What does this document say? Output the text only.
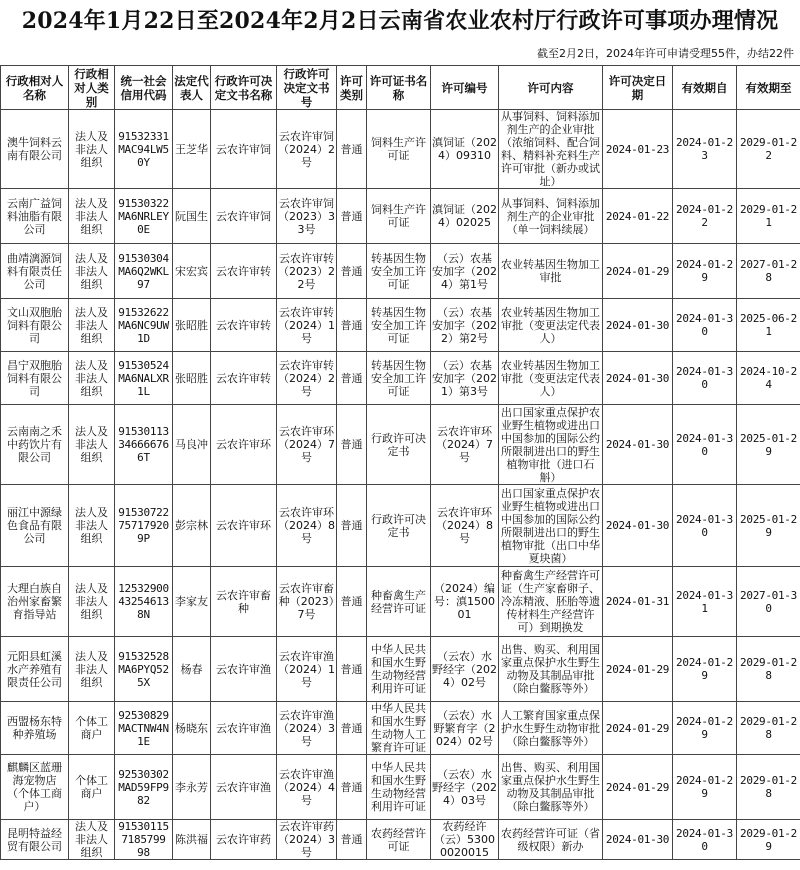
2024年1月22日至2024年2月2日云南省农业农村厅行政许可事项办理情况
截至2月2日，2024年许可申请受理55件，办结22件
行政相对人名称	行政相对人类别	统一社会信用代码	法定代表人	行政许可决定文书名称	行政许可决定文书号	许可类别	许可证书名称	许可编号	许可内容	许可决定日期	有效期自	有效期至
澳牛饲料云南有限公司	法人及非法人组织	91532331MAC94LW50Y	王芝华	云农许审饲	云农许审饲（2024）2号	普通	饲料生产许可证	滇饲证（2024）09310	从事饲料、饲料添加剂生产的企业审批（浓缩饲料、配合饲料、精料补充料生产许可审批（新办或试址）	2024-01-23	2024-01-23	2029-01-22
云南广益饲料油脂有限公司	法人及非法人组织	91530322MA6NRLEY0E	阮国生	云农许审饲	云农许审饲（2023）33号	普通	饲料生产许可证	滇饲证（2024）02025	从事饲料、饲料添加剂生产的企业审批（单一饲料续展）	2024-01-22	2024-01-22	2029-01-21
曲靖漓源饲料有限责任公司	法人及非法人组织	91530304MA6Q2WKL97	宋宏宾	云农许审转	云农许审转（2023）22号	普通	转基因生物安全加工许可证	（云）农基安加字（2024）第1号	农业转基因生物加工审批	2024-01-29	2024-01-29	2027-01-28
文山双胞胎饲料有限公司	法人及非法人组织	91532622MA6NC9UW1D	张昭胜	云农许审转	云农许审转（2024）1号	普通	转基因生物安全加工许可证	（云）农基安加字（2022）第2号	农业转基因生物加工审批（变更法定代表人）	2024-01-30	2024-01-30	2025-06-21
昌宁双胞胎饲料有限公司	法人及非法人组织	91530524MA6NALXR1L	张昭胜	云农许审转	云农许审转（2024）2号	普通	转基因生物安全加工许可证	（云）农基安加字（2021）第3号	农业转基因生物加工审批（变更法定代表人）	2024-01-30	2024-01-30	2024-10-24
云南南之禾中药饮片有限公司	法人及非法人组织	91530113346666766T	马良冲	云农许审环	云农许审环（2024）7号	普通	行政许可决定书	云农许审环（2024）7号	出口国家重点保护农业野生植物或进出口中国参加的国际公约所限制进出口的野生植物审批（进口石斛）	2024-01-30	2024-01-30	2025-01-29
丽江中源绿色食品有限公司	法人及非法人组织	9153072275717920 9P	彭宗林	云农许审环	云农许审环（2024）8号	普通	行政许可决定书	云农许审环（2024）8号	出口国家重点保护农业野生植物或进出口中国参加的国际公约所限制进出口的野生植物审批（出口中华夏块菌）	2024-01-30	2024-01-30	2025-01-29
大理白族自治州家畜繁育指导站	法人及非法人组织	1253290043254613 8N	李家友	云农许审畜种	云农许审畜种（2023）7号	普通	种畜禽生产经营许可证	（2024）编号：滇150001	种畜禽生产经营许可证（生产家畜卵子、冷冻精液、胚胎等遗传材料生产经营许可）到期换发	2024-01-31	2024-01-31	2027-01-30
元阳县虹溪水产养殖有限责任公司	法人及非法人组织	91532528MA6PYQ525X	杨春	云农许审渔	云农许审渔（2024）1号	普通	中华人民共和国水生野生动物经营利用许可证	（云农）水野经字（2024）02号	出售、购买、利用国家重点保护水生野生动物及其制品审批（除白鳖豚等外）	2024-01-29	2024-01-29	2029-01-28
西盟杨东特种养殖场	个体工商户	92530829MACTNW4N1E	杨晓东	云农许审渔	云农许审渔（2024）3号	普通	中华人民共和国水生野生动物人工繁育许可证	（云农）水野繁育字（2024）02号	人工繁育国家重点保护水生野生动物审批（除白鳖豚等外）	2024-01-29	2024-01-29	2029-01-28
麒麟区蓝珊海宠物店（个体工商户）	个体工商户	92530302MAD59FP982	李永芳	云农许审渔	云农许审渔（2024）4号	普通	中华人民共和国水生野生动物经营利用许可证	（云农）水野经字（2024）03号	出售、购买、利用国家重点保护水生野生动物及其制品审批（除白鳖豚等外）	2024-01-29	2024-01-29	2029-01-28
昆明特益经贸有限公司	法人及非法人组织	915301157185799 98	陈洪福	云农许审药	云农许审药（2024）3号	普通	农药经营许可证	农药经许（云）53000020015	农药经营许可证（省级权限）新办	2024-01-30	2024-01-30	2029-01-29
